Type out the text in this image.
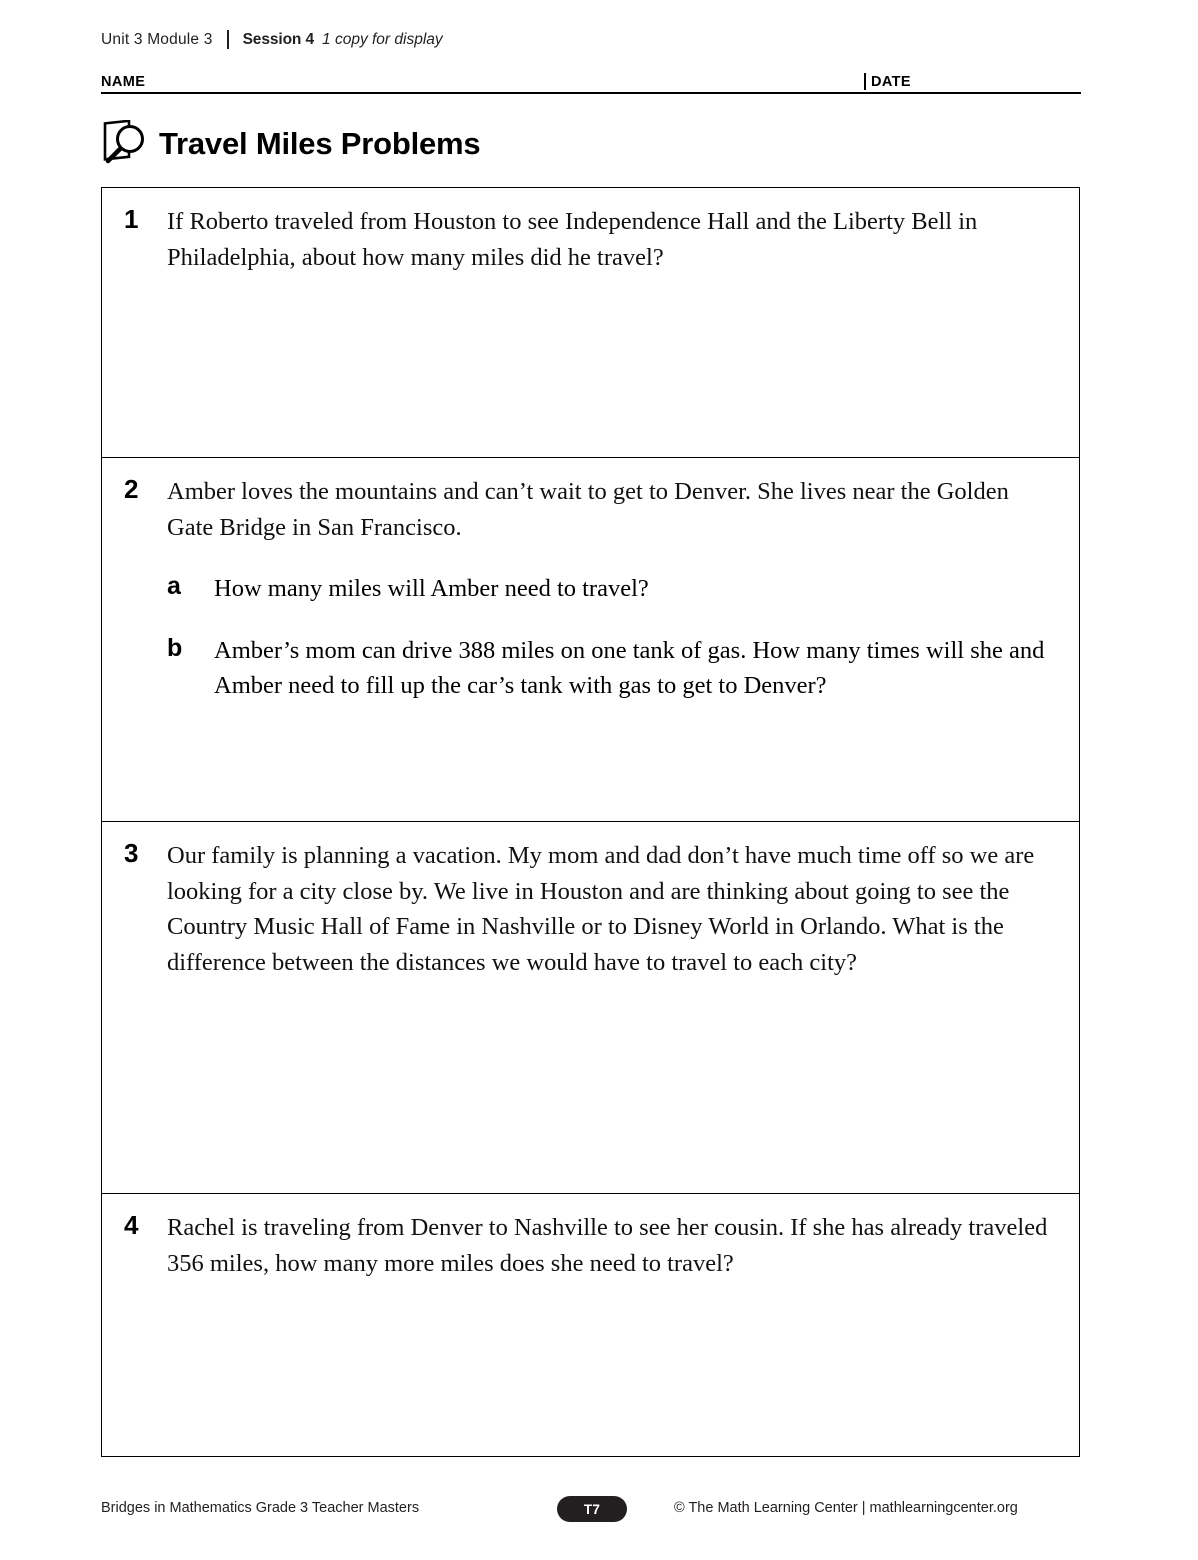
Unit 3 Module 3 Session 4 1 copy for display
NAME	DATE
Travel Miles Problems
1	If Roberto traveled from Houston to see Independence Hall and the Liberty Bell in Philadelphia, about how many miles did he travel?
2	Amber loves the mountains and can’t wait to get to Denver. She lives near the Golden Gate Bridge in San Francisco.
a	How many miles will Amber need to travel?
b	Amber’s mom can drive 388 miles on one tank of gas. How many times will she and Amber need to fill up the car’s tank with gas to get to Denver?
3	Our family is planning a vacation. My mom and dad don’t have much time off so we are looking for a city close by. We live in Houston and are thinking about going to see the Country Music Hall of Fame in Nashville or to Disney World in Orlando. What is the difference between the distances we would have to travel to each city?
4	Rachel is traveling from Denver to Nashville to see her cousin. If she has already traveled 356 miles, how many more miles does she need to travel?
Bridges in Mathematics Grade 3 Teacher Masters	T7	© The Math Learning Center | mathlearningcenter.org
